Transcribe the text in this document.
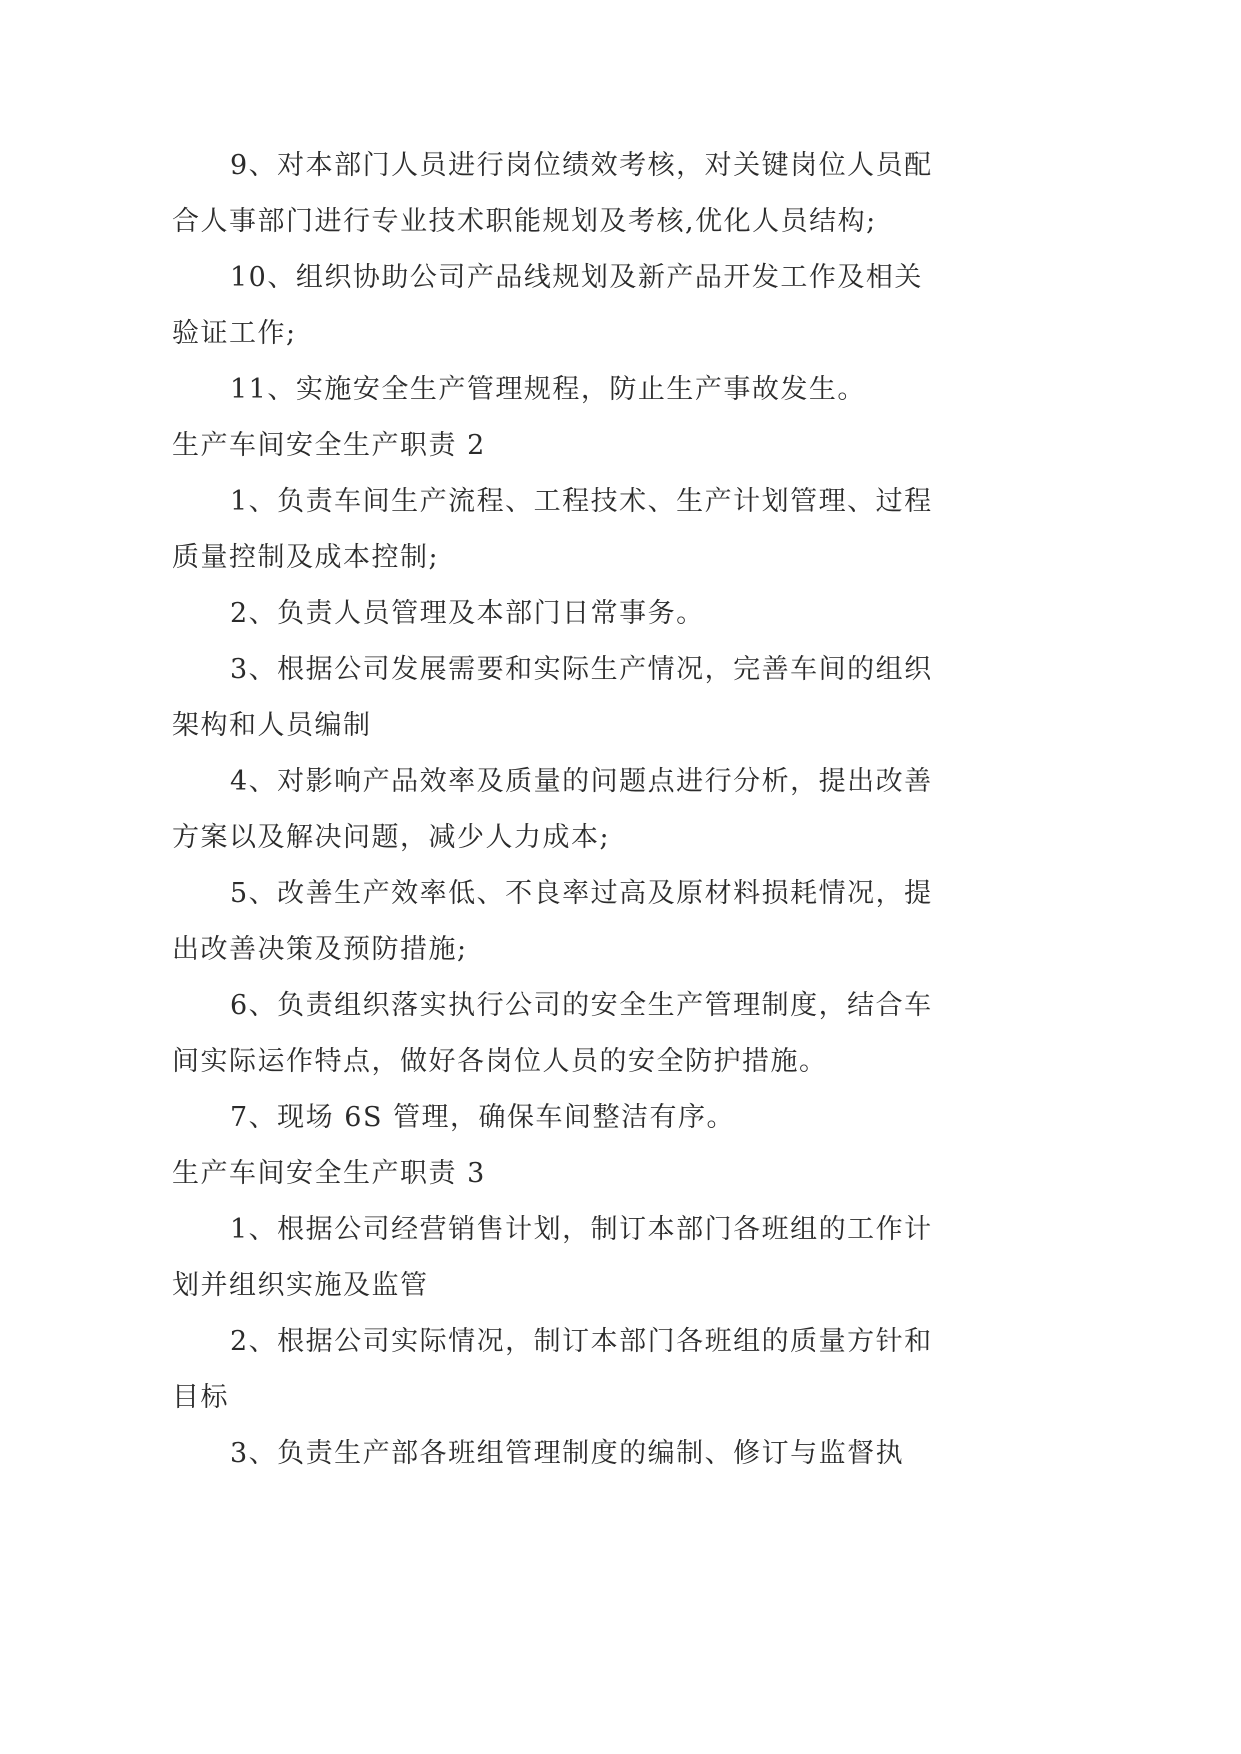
9、对本部门人员进行岗位绩效考核，对关键岗位人员配合人事部门进行专业技术职能规划及考核,优化人员结构;

10、组织协助公司产品线规划及新产品开发工作及相关验证工作;

11、实施安全生产管理规程，防止生产事故发生。

生产车间安全生产职责 2

1、负责车间生产流程、工程技术、生产计划管理、过程质量控制及成本控制;

2、负责人员管理及本部门日常事务。

3、根据公司发展需要和实际生产情况，完善车间的组织架构和人员编制

4、对影响产品效率及质量的问题点进行分析，提出改善方案以及解决问题，减少人力成本;

5、改善生产效率低、不良率过高及原材料损耗情况，提出改善决策及预防措施;

6、负责组织落实执行公司的安全生产管理制度，结合车间实际运作特点，做好各岗位人员的安全防护措施。

7、现场 6S 管理，确保车间整洁有序。

生产车间安全生产职责 3

1、根据公司经营销售计划，制订本部门各班组的工作计划并组织实施及监管

2、根据公司实际情况，制订本部门各班组的质量方针和目标

3、负责生产部各班组管理制度的编制、修订与监督执
